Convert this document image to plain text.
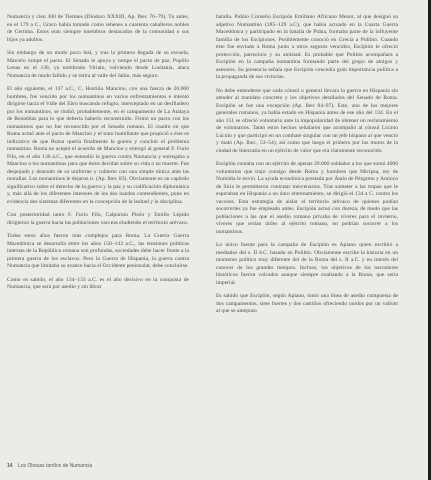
Numancia y cien 300 de Tiermes (Diodoro XXXIII, Ap. Iber. 76–79). Tu antes, en el 179 a C., Graco había tomado como rehenes a cuarenta caballeros nobles de Certima. Estos eran siempre miembros destacados de la comunidad o sus hijos ya adultos.

Sin embargo de un modo poco leal, y tras la primera llegada de su escuela, Marcelo rompe el pacto. El Senado le apoya y rompe el pacto de paz. Popilio Lenas en el 138, ya nombrado Viriato, volviendo desde Lusitania, ataca Numancia de modo fallido y se retira al valle del Jalón, más seguro.

El año siguiente, el 137 a.C., C. Hostilio Mancino, con una fuerza de 20.000 hombres, fue vencido por los numantinos en varios enfrentamientos e intentó dirigirse hacia el Valle del Ebro buscando refugio; interceptado en un desfiladero por los numantinos, se rindió, probablemente, en el campamento de La Atalaya de Renieblas para lo que debería haberlo reconstruido. Firmó un pacto con los numantinos que no fue reconocido por el Senado romano. El cuadro en que Roma actuó ante el pacto de Mancino y el trato humillante que propició a éste es indicativo de que Roma quería finalmente la guerra y concluir el problema numantino. Roma no aceptó el acuerdo de Mancino y entregó al general F. Furio Filo, en el año 136 a.C., que entendió la guerra contra Numancia y entregaba a Mancino a los numantinos para que éstos decidan sobre su vida o su muerte. Fue despojado y desnudo de su uniforme y cubierto con una simple túnica ante las murallas. Los numantinos le dejaron ir. (Ap. Iber. 83). Obviamente es un capítulo significativo sobre el derecho de la guerra y la paz y su codificación diplomática y, más allá de los diferentes intereses de los dos bandos contendientes, pone en evidencia dos sistemas diferentes en la concepción de la lealtad y la disciplina.

Con posterioridad tanto F. Furio Filo, Calpurnio Pisón y Emilio Lépido dirigieron la guerra hacia las poblaciones vacceas eludiendo el territorio arévaco.

Todos estos años fueron más complejos para Roma. La Guerra Guerra Macedónica se desarrolla entre los años 150–143 a.C., las tensiones políticas internas de la República romana son profundas, sociedades debe hacer frente a la primera guerra de los esclavos. Pero la Guerra de Hispania, la guerra contra Numancia que limitaba su avance hacia el Occidente peninsular, debe concluirse.

Como es sabido, el año 134–133 a.C. es el año decisivo en la conquista de Numancia, que será por asedio y sin librar

batalla. Publio Cornelio Escipión Emiliano Africano Menor, al que designó su adjetivo Numantino (185–129 a.C), que había actuado en la Cuarta Guerra Macedónica y participado en la batalla de Pidna, formaba parte de la influyente familia de los Escipiones. Posiblemente conoció en Grecia a Polibio. Cuando éste fue enviado a Roma junto a otros seguros vencidos, Escipión le ofreció protección, patrocinio y su amistad. Es probable que Polibio acompañara a Escipión en la campaña numantina formando parte del grupo de amigos y asesores. Su presencia señala que Escipión concedía gran importancia política a la propaganda de sus victorias.

No debe entenderse que cada cónsul o general llevara la guerra en Hispania sin atender al mandato concreto y los objetivos detallados del Senado de Roma. Escipión se fue una excepción (Ap. Iber 84–97). Este, uno de los mejores generales romanos, ya había estado en Hispania antes de ese año del 134. En el año 151 se ofreció voluntario ante la impopularidad de obtener un reclutamiento de voluntarios. Tanto estos hechos señalaron que acompañó al cónsul Licinio Lúculo y que participó en un combate singular con un jefe hispano al que venció y mató (Ap. Iber., 53–54), así como que luego el primero por los muros de la ciudad de Intercatia en un ejército de valor que era claramente reconocido.

Escipión contaba con un ejército de apenas 20.000 soldados a los que sumó 4000 voluntarios que trajo consigo desde Roma y hombres que Micipsa, rey de Numidia le envió. La ayuda económica prestada por Átalo de Pérgamo y Antíoco de Siria le permitieron contratar mercenarios. Tras someter a las tropas que le esperaban en Hispania a un duro entrenamiento, se dirigió el 134 a C. contra los vacceos. Esta estrategia de aislar el territorio arévaco de quienes podían socorrerles ya fue empleado antes. Escipión actuó con dureza, de modo que las poblaciones a las que el asedio romano privaba de víveres para el invierno, víveres que serían útiles al ejército romano, no podrían socorrer a los numantinos.

Lo único fuente para la campaña de Escipión es Apiano quien escribió a mediados del s. II d.C. basado en Polibio. Obviamente escribe la historia en un momento político muy diferente del de la Roma del s. II a.C. y en interés del conocer de los grandes tiempos. Incluso, los objetivos de los narradores históricos fueron volcados aunque siempre exaltando a la Roma, que seria imperial.

Es sabido que Escipión, según Apiano, tomó una línea de asedio compuesta de dos campamentos, siete fuertes y dos castillos ofreciendo unidos por un vallum al que se antepuso

14 Los Obesas tardíos de Numancia
